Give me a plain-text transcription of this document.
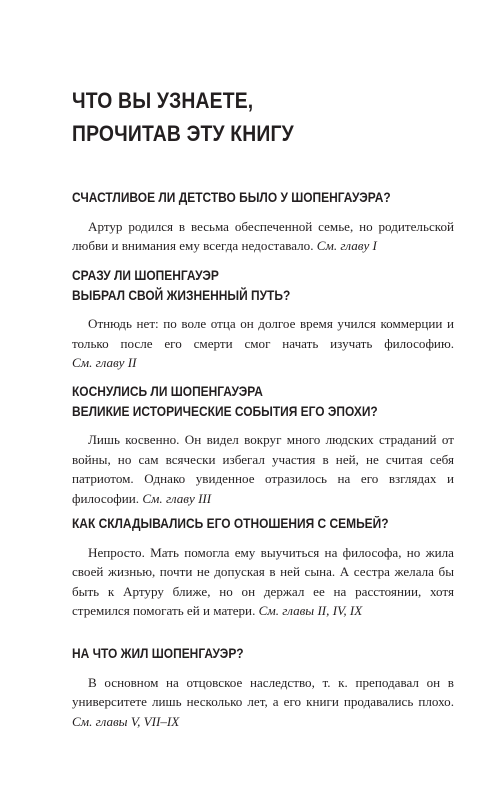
ЧТО ВЫ УЗНАЕТЕ,
ПРОЧИТАВ ЭТУ КНИГУ
СЧАСТЛИВОЕ ЛИ ДЕТСТВО БЫЛО У ШОПЕНГАУЭРА?

Артур родился в весьма обеспеченной семье, но родительской любви и внимания ему всегда недоставало. См. главу I

СРАЗУ ЛИ ШОПЕНГАУЭР
ВЫБРАЛ СВОЙ ЖИЗНЕННЫЙ ПУТЬ?

Отнюдь нет: по воле отца он долгое время учился коммерции и только после его смерти смог начать изучать философию. См. главу II

КОСНУЛИСЬ ЛИ ШОПЕНГАУЭРА
ВЕЛИКИЕ ИСТОРИЧЕСКИЕ СОБЫТИЯ ЕГО ЭПОХИ?

Лишь косвенно. Он видел вокруг много людских страданий от войны, но сам всячески избегал участия в ней, не считая себя патриотом. Однако увиденное отразилось на его взглядах и философии. См. главу III

КАК СКЛАДЫВАЛИСЬ ЕГО ОТНОШЕНИЯ С СЕМЬЕЙ?

Непросто. Мать помогла ему выучиться на философа, но жила своей жизнью, почти не допуская в ней сына. А сестра желала бы быть к Артуру ближе, но он держал ее на расстоянии, хотя стремился помогать ей и матери. См. главы II, IV, IX

НА ЧТО ЖИЛ ШОПЕНГАУЭР?

В основном на отцовское наследство, т. к. преподавал он в университете лишь несколько лет, а его книги продавались плохо. См. главы V, VII–IX
